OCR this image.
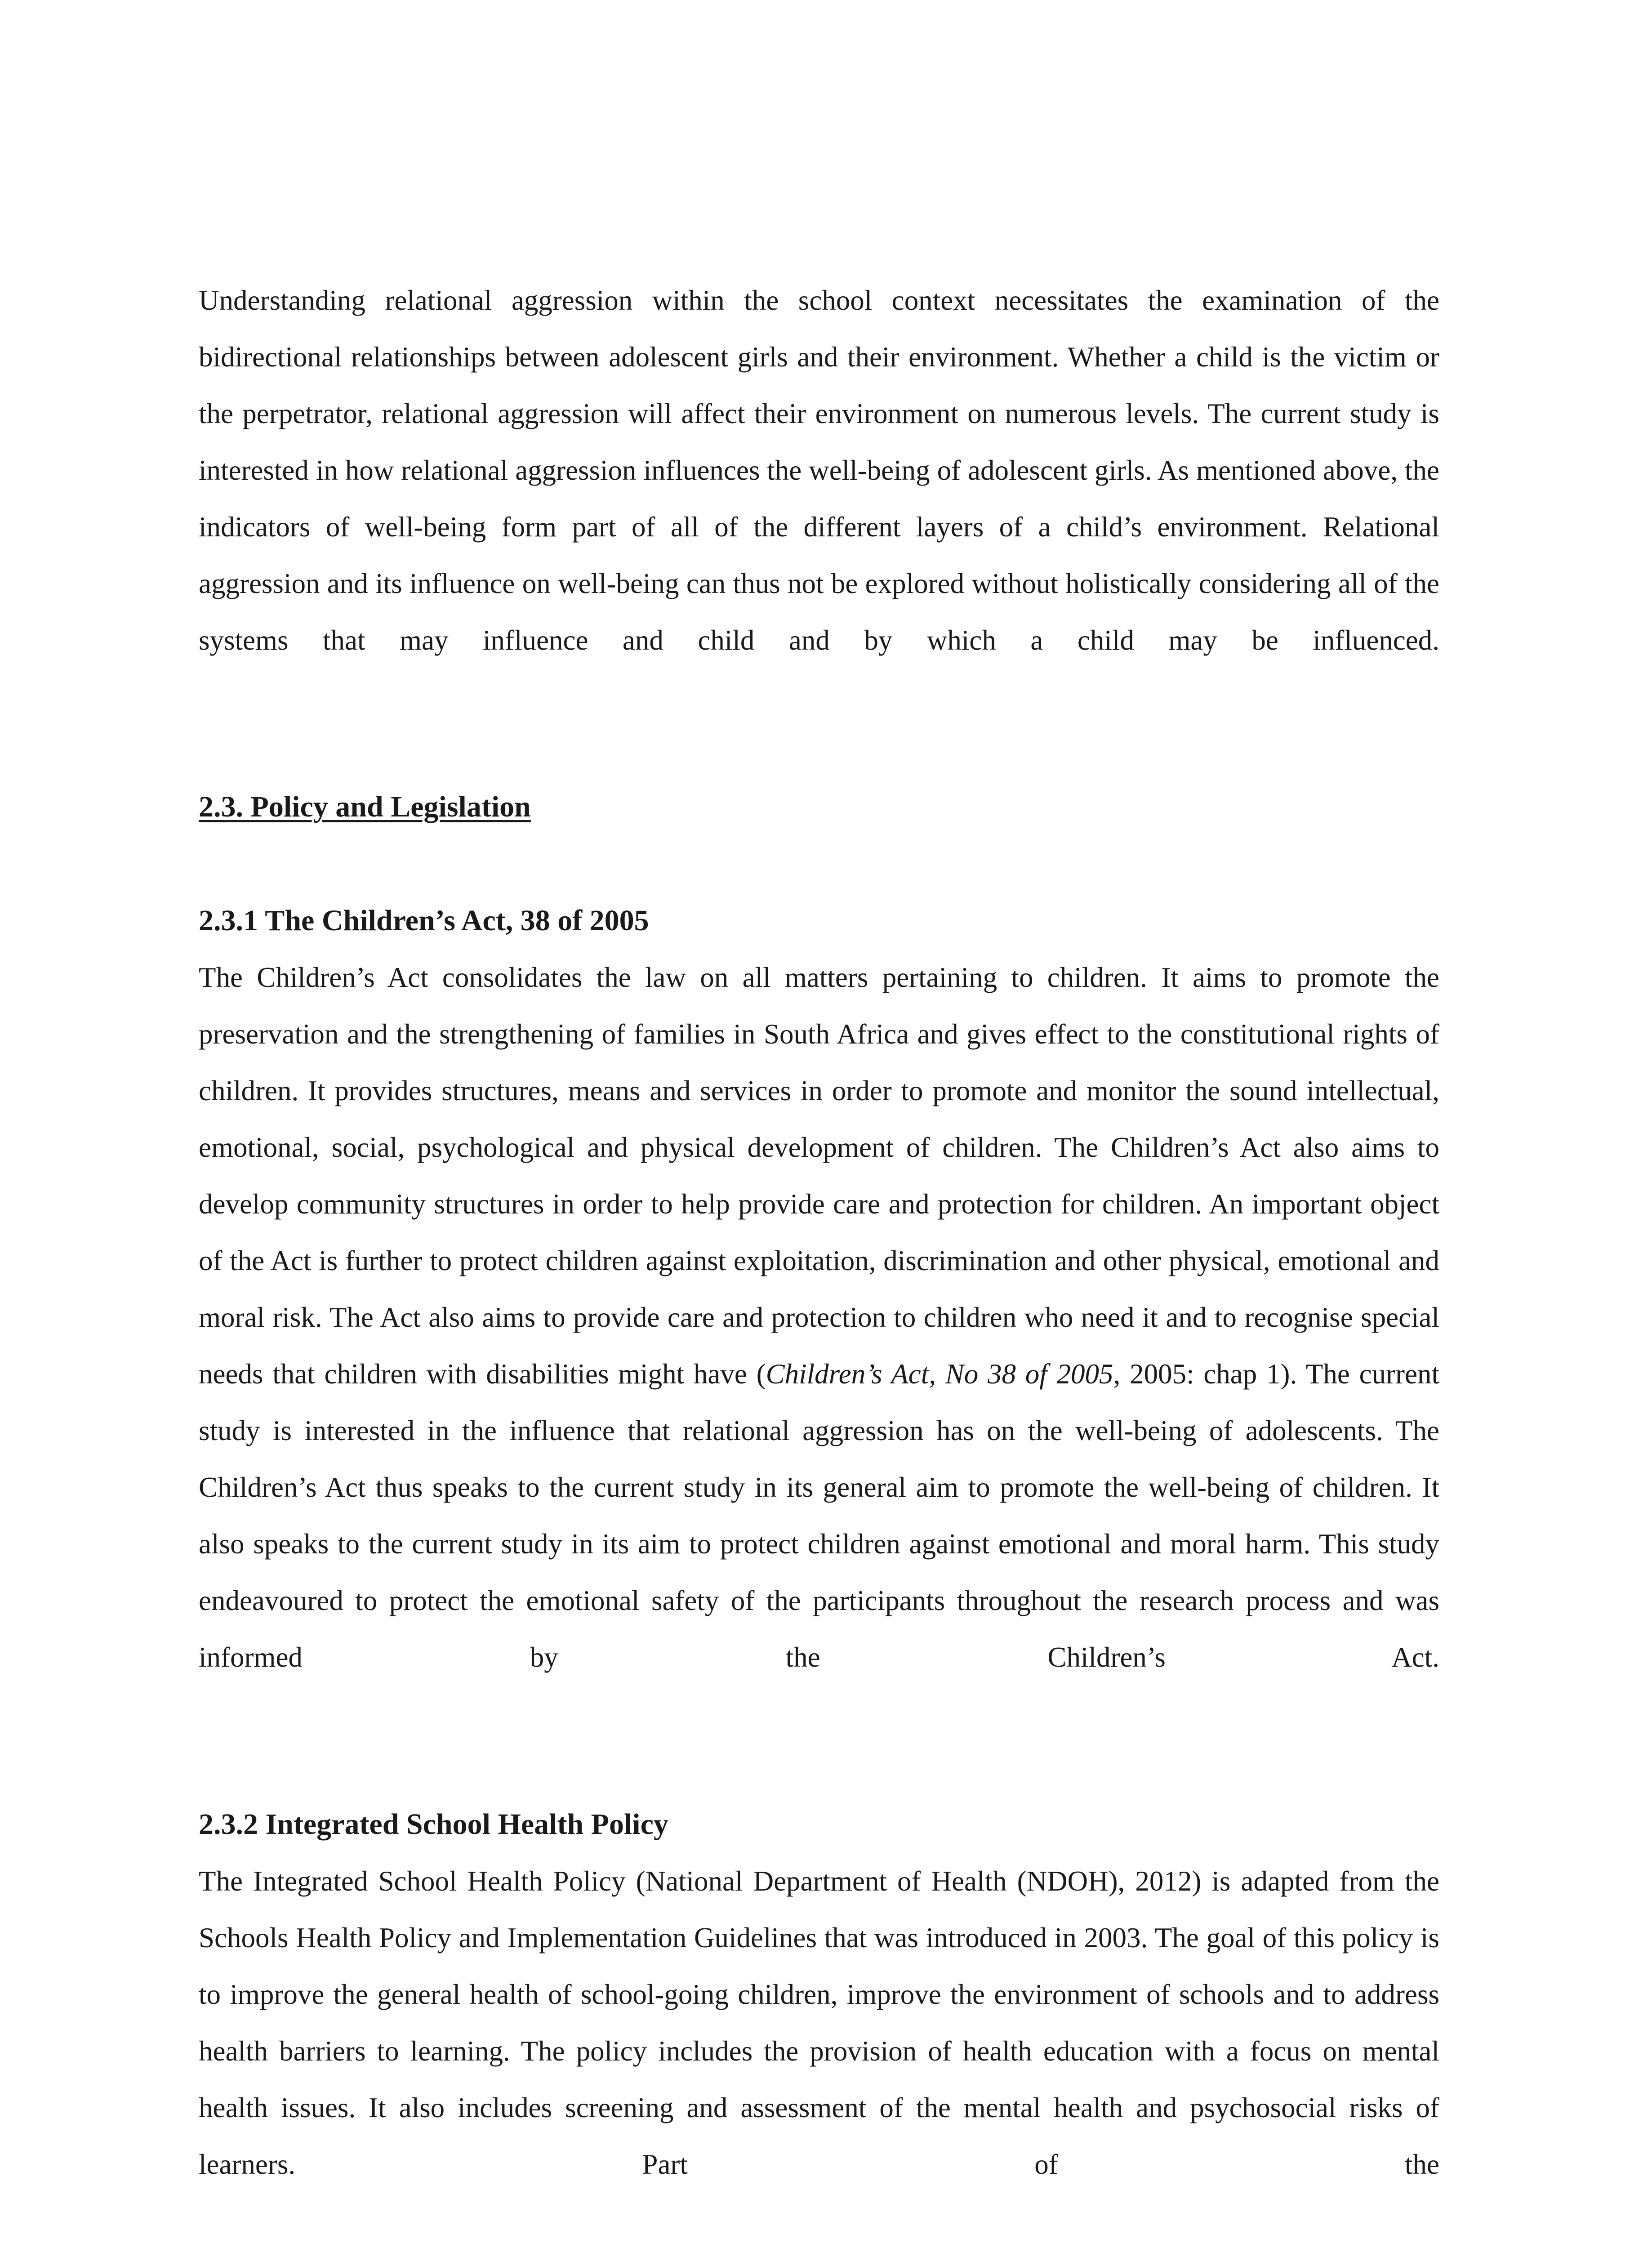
Understanding relational aggression within the school context necessitates the examination of the bidirectional relationships between adolescent girls and their environment. Whether a child is the victim or the perpetrator, relational aggression will affect their environment on numerous levels. The current study is interested in how relational aggression influences the well-being of adolescent girls. As mentioned above, the indicators of well-being form part of all of the different layers of a child’s environment. Relational aggression and its influence on well-being can thus not be explored without holistically considering all of the systems that may influence and child and by which a child may be influenced.

2.3. Policy and Legislation
2.3.1 The Children’s Act, 38 of 2005

The Children’s Act consolidates the law on all matters pertaining to children. It aims to promote the preservation and the strengthening of families in South Africa and gives effect to the constitutional rights of children. It provides structures, means and services in order to promote and monitor the sound intellectual, emotional, social, psychological and physical development of children. The Children’s Act also aims to develop community structures in order to help provide care and protection for children. An important object of the Act is further to protect children against exploitation, discrimination and other physical, emotional and moral risk. The Act also aims to provide care and protection to children who need it and to recognise special needs that children with disabilities might have (Children’s Act, No 38 of 2005, 2005: chap 1). The current study is interested in the influence that relational aggression has on the well-being of adolescents. The Children’s Act thus speaks to the current study in its general aim to promote the well-being of children. It also speaks to the current study in its aim to protect children against emotional and moral harm. This study endeavoured to protect the emotional safety of the participants throughout the research process and was informed by the Children’s Act.

2.3.2 Integrated School Health Policy

The Integrated School Health Policy (National Department of Health (NDOH), 2012) is adapted from the Schools Health Policy and Implementation Guidelines that was introduced in 2003. The goal of this policy is to improve the general health of school-going children, improve the environment of schools and to address health barriers to learning. The policy includes the provision of health education with a focus on mental health issues. It also includes screening and assessment of the mental health and psychosocial risks of learners. Part of the
